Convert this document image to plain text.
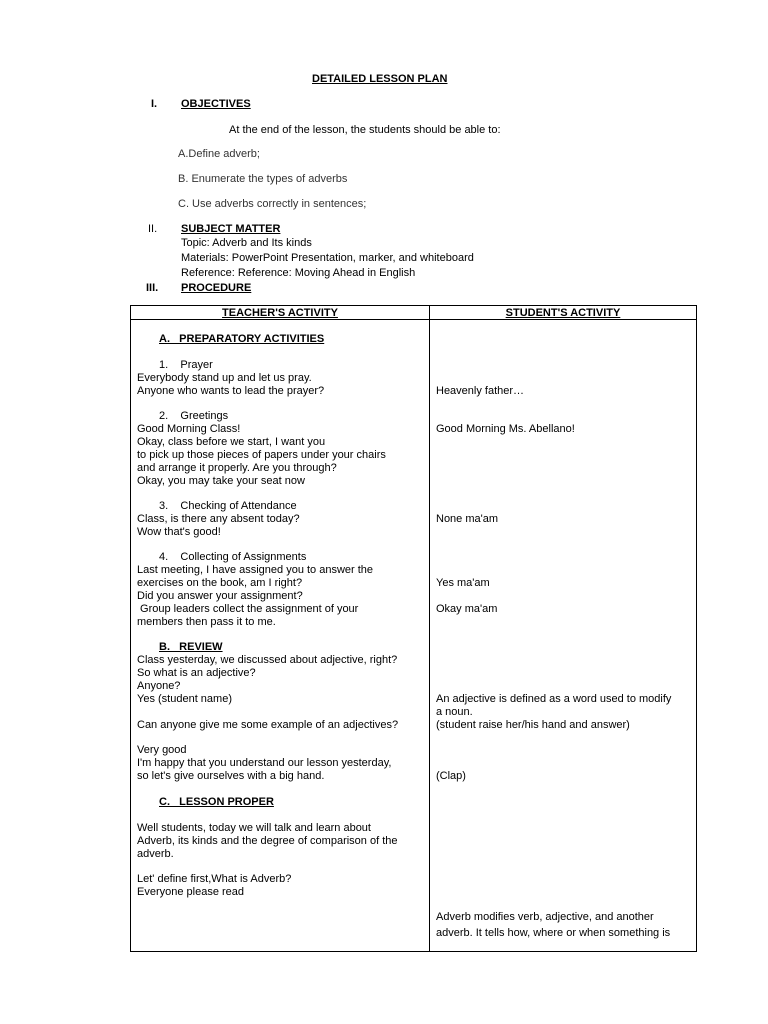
DETAILED LESSON PLAN
I. OBJECTIVES
At the end of the lesson, the students should be able to:
A.Define adverb;
B. Enumerate the types of adverbs
C. Use adverbs correctly in sentences;
II. SUBJECT MATTER
Topic: Adverb and Its kinds
Materials: PowerPoint Presentation, marker, and whiteboard
Reference: Reference: Moving Ahead in English
III. PROCEDURE
TEACHER'S ACTIVITY	STUDENT'S ACTIVITY
A.   PREPARATORY ACTIVITIES
1.    Prayer
Everybody stand up and let us pray.
Anyone who wants to lead the prayer?
2.    Greetings
Good Morning Class!
Okay, class before we start, I want you
to pick up those pieces of papers under your chairs
and arrange it properly. Are you through?
Okay, you may take your seat now
3.    Checking of Attendance
Class, is there any absent today?
Wow that's good!
4.    Collecting of Assignments
Last meeting, I have assigned you to answer the
exercises on the book, am I right?
Did you answer your assignment?
Group leaders collect the assignment of your
members then pass it to me.
B.   REVIEW
Class yesterday, we discussed about adjective, right?
So what is an adjective?
Anyone?
Yes (student name)
Can anyone give me some example of an adjectives?
Very good
I'm happy that you understand our lesson yesterday,
so let's give ourselves with a big hand.
C.   LESSON PROPER
Well students, today we will talk and learn about
Adverb, its kinds and the degree of comparison of the
adverb.
Let' define first,What is Adverb?
Everyone please read
Heavenly father…
Good Morning Ms. Abellano!
None ma'am
Yes ma'am
Okay ma'am
An adjective is defined as a word used to modify
a noun.
(student raise her/his hand and answer)
(Clap)
Adverb modifies verb, adjective, and another
adverb. It tells how, where or when something is
